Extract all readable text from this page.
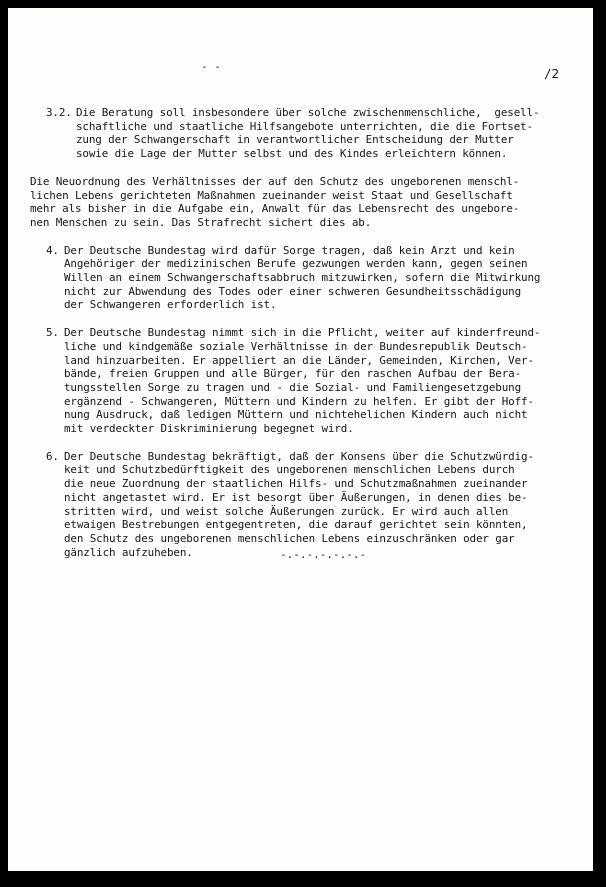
- -	/2
3.2. Die Beratung soll insbesondere über solche zwischenmenschliche,  gesell-
schaftliche und staatliche Hilfsangebote unterrichten, die die Fortset-
zung der Schwangerschaft in verantwortlicher Entscheidung der Mutter
sowie die Lage der Mutter selbst und des Kindes erleichtern können.
Die Neuordnung des Verhältnisses der auf den Schutz des ungeborenen menschl-
lichen Lebens gerichteten Maßnahmen zueinander weist Staat und Gesellschaft
mehr als bisher in die Aufgabe ein, Anwalt für das Lebensrecht des ungebore-
nen Menschen zu sein. Das Strafrecht sichert dies ab.
4. Der Deutsche Bundestag wird dafür Sorge tragen, daß kein Arzt und kein
Angehöriger der medizinischen Berufe gezwungen werden kann, gegen seinen
Willen an einem Schwangerschaftsabbruch mitzuwirken, sofern die Mitwirkung
nicht zur Abwendung des Todes oder einer schweren Gesundheitsschädigung
der Schwangeren erforderlich ist.
5. Der Deutsche Bundestag nimmt sich in die Pflicht, weiter auf kinderfreund-
liche und kindgemäße soziale Verhältnisse in der Bundesrepublik Deutsch-
land hinzuarbeiten. Er appelliert an die Länder, Gemeinden, Kirchen, Ver-
bände, freien Gruppen und alle Bürger, für den raschen Aufbau der Bera-
tungsstellen Sorge zu tragen und - die Sozial- und Familiengesetzgebung
ergänzend - Schwangeren, Müttern und Kindern zu helfen. Er gibt der Hoff-
nung Ausdruck, daß ledigen Müttern und nichtehelichen Kindern auch nicht
mit verdeckter Diskriminierung begegnet wird.
6. Der Deutsche Bundestag bekräftigt, daß der Konsens über die Schutzwürdig-
keit und Schutzbedürftigkeit des ungeborenen menschlichen Lebens durch
die neue Zuordnung der staatlichen Hilfs- und Schutzmaßnahmen zueinander
nicht angetastet wird. Er ist besorgt über Äußerungen, in denen dies be-
stritten wird, und weist solche Äußerungen zurück. Er wird auch allen
etwaigen Bestrebungen entgegentreten, die darauf gerichtet sein könnten,
den Schutz des ungeborenen menschlichen Lebens einzuschränken oder gar
gänzlich aufzuheben.	-.-.-.-.-.-.-
